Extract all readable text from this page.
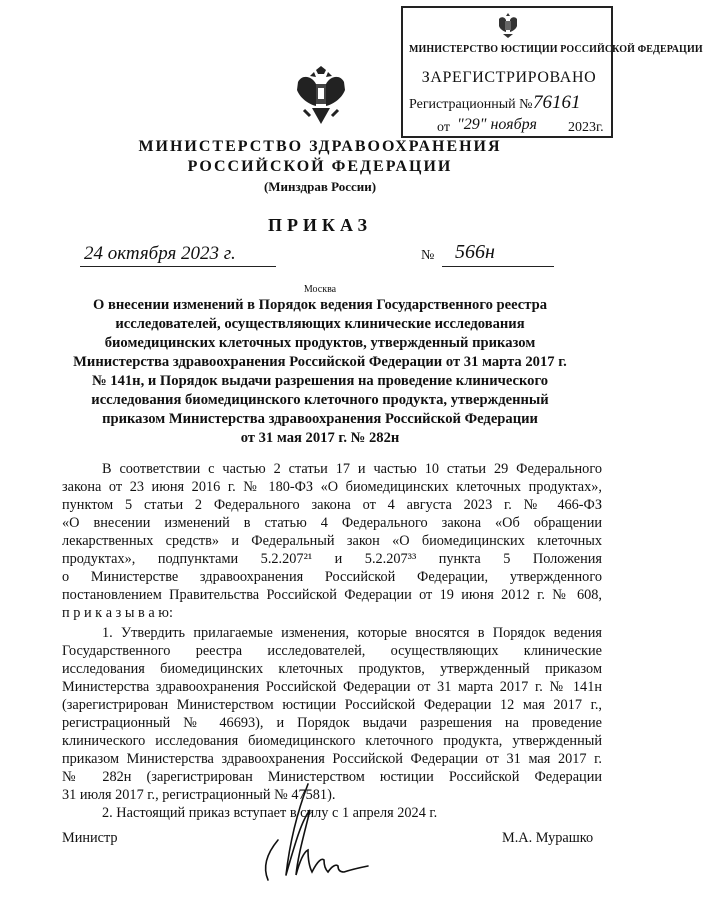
МИНИСТЕРСТВО ЮСТИЦИИ РОССИЙСКОЙ ФЕДЕРАЦИИ
ЗАРЕГИСТРИРОВАНО
Регистрационный № 76161
от "29" ноября 2023г.
МИНИСТЕРСТВО ЗДРАВООХРАНЕНИЯ
РОССИЙСКОЙ ФЕДЕРАЦИИ
(Минздрав России)
ПРИКАЗ
24 октября 2023 г.	№ 566н
Москва
О внесении изменений в Порядок ведения Государственного реестра
исследователей, осуществляющих клинические исследования
биомедицинских клеточных продуктов, утвержденный приказом
Министерства здравоохранения Российской Федерации от 31 марта 2017 г.
№ 141н, и Порядок выдачи разрешения на проведение клинического
исследования биомедицинского клеточного продукта, утвержденный
приказом Министерства здравоохранения Российской Федерации
от 31 мая 2017 г. № 282н
В соответствии с частью 2 статьи 17 и частью 10 статьи 29 Федерального
закона от 23 июня 2016 г. № 180-ФЗ «О биомедицинских клеточных продуктах»,
пунктом 5 статьи 2 Федерального закона от 4 августа 2023 г. № 466-ФЗ
«О внесении изменений в статью 4 Федерального закона «Об обращении
лекарственных средств» и Федеральный закон «О биомедицинских клеточных
продуктах», подпунктами 5.2.207²¹ и 5.2.207³³ пункта 5 Положения
о Министерстве здравоохранения Российской Федерации, утвержденного
постановлением Правительства Российской Федерации от 19 июня 2012 г. № 608,
п р и к а з ы в а ю:
1. Утвердить прилагаемые изменения, которые вносятся в Порядок ведения
Государственного реестра исследователей, осуществляющих клинические
исследования биомедицинских клеточных продуктов, утвержденный приказом
Министерства здравоохранения Российской Федерации от 31 марта 2017 г. № 141н
(зарегистрирован Министерством юстиции Российской Федерации 12 мая 2017 г.,
регистрационный № 46693), и Порядок выдачи разрешения на проведение
клинического исследования биомедицинского клеточного продукта, утвержденный
приказом Министерства здравоохранения Российской Федерации от 31 мая 2017 г.
№ 282н (зарегистрирован Министерством юстиции Российской Федерации
31 июля 2017 г., регистрационный № 47581).
2. Настоящий приказ вступает в силу с 1 апреля 2024 г.
Министр	М.А. Мурашко
